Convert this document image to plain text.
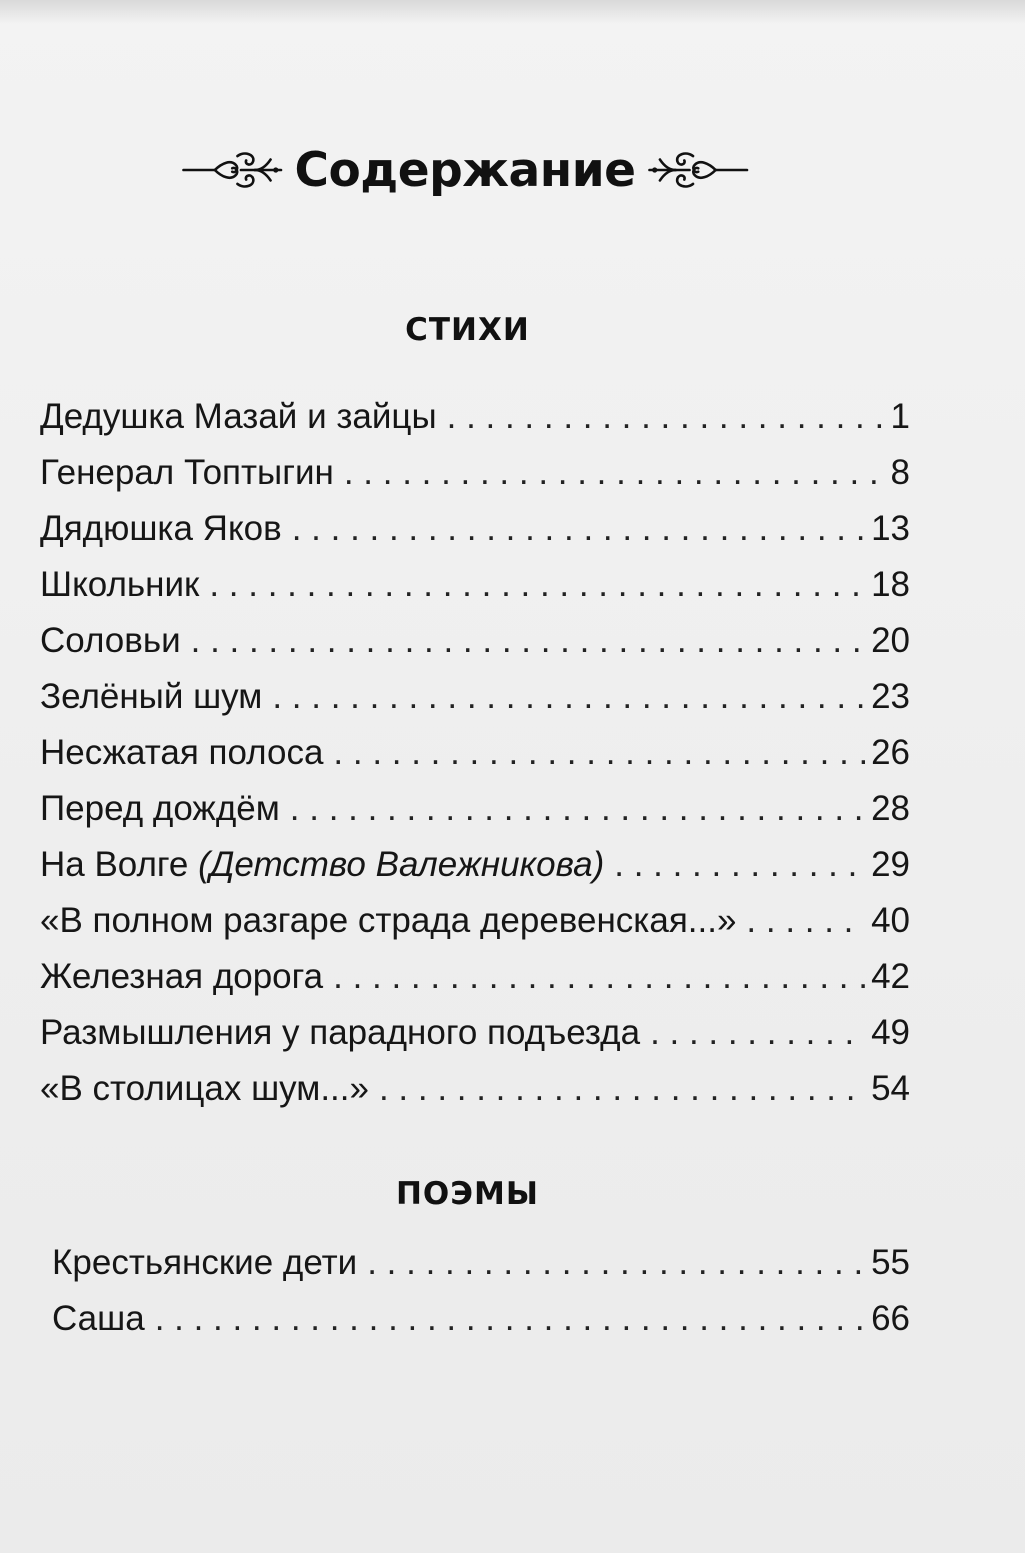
Содержание
СТИХИ
Дедушка Мазай и зайцы . . .	1
Генерал Топтыгин . . .	8
Дядюшка Яков . . .	13
Школьник . . .	18
Соловьи . . .	20
Зелёный шум . . .	23
Несжатая полоса . . .	26
Перед дождём . . .	28
На Волге (Детство Валежникова) . . .	29
«В полном разгаре страда деревенская...» . . .	40
Железная дорога . . .	42
Размышления у парадного подъезда . . .	49
«В столицах шум...» . . .	54
ПОЭМЫ
Крестьянские дети . . .	55
Саша . . .	66
